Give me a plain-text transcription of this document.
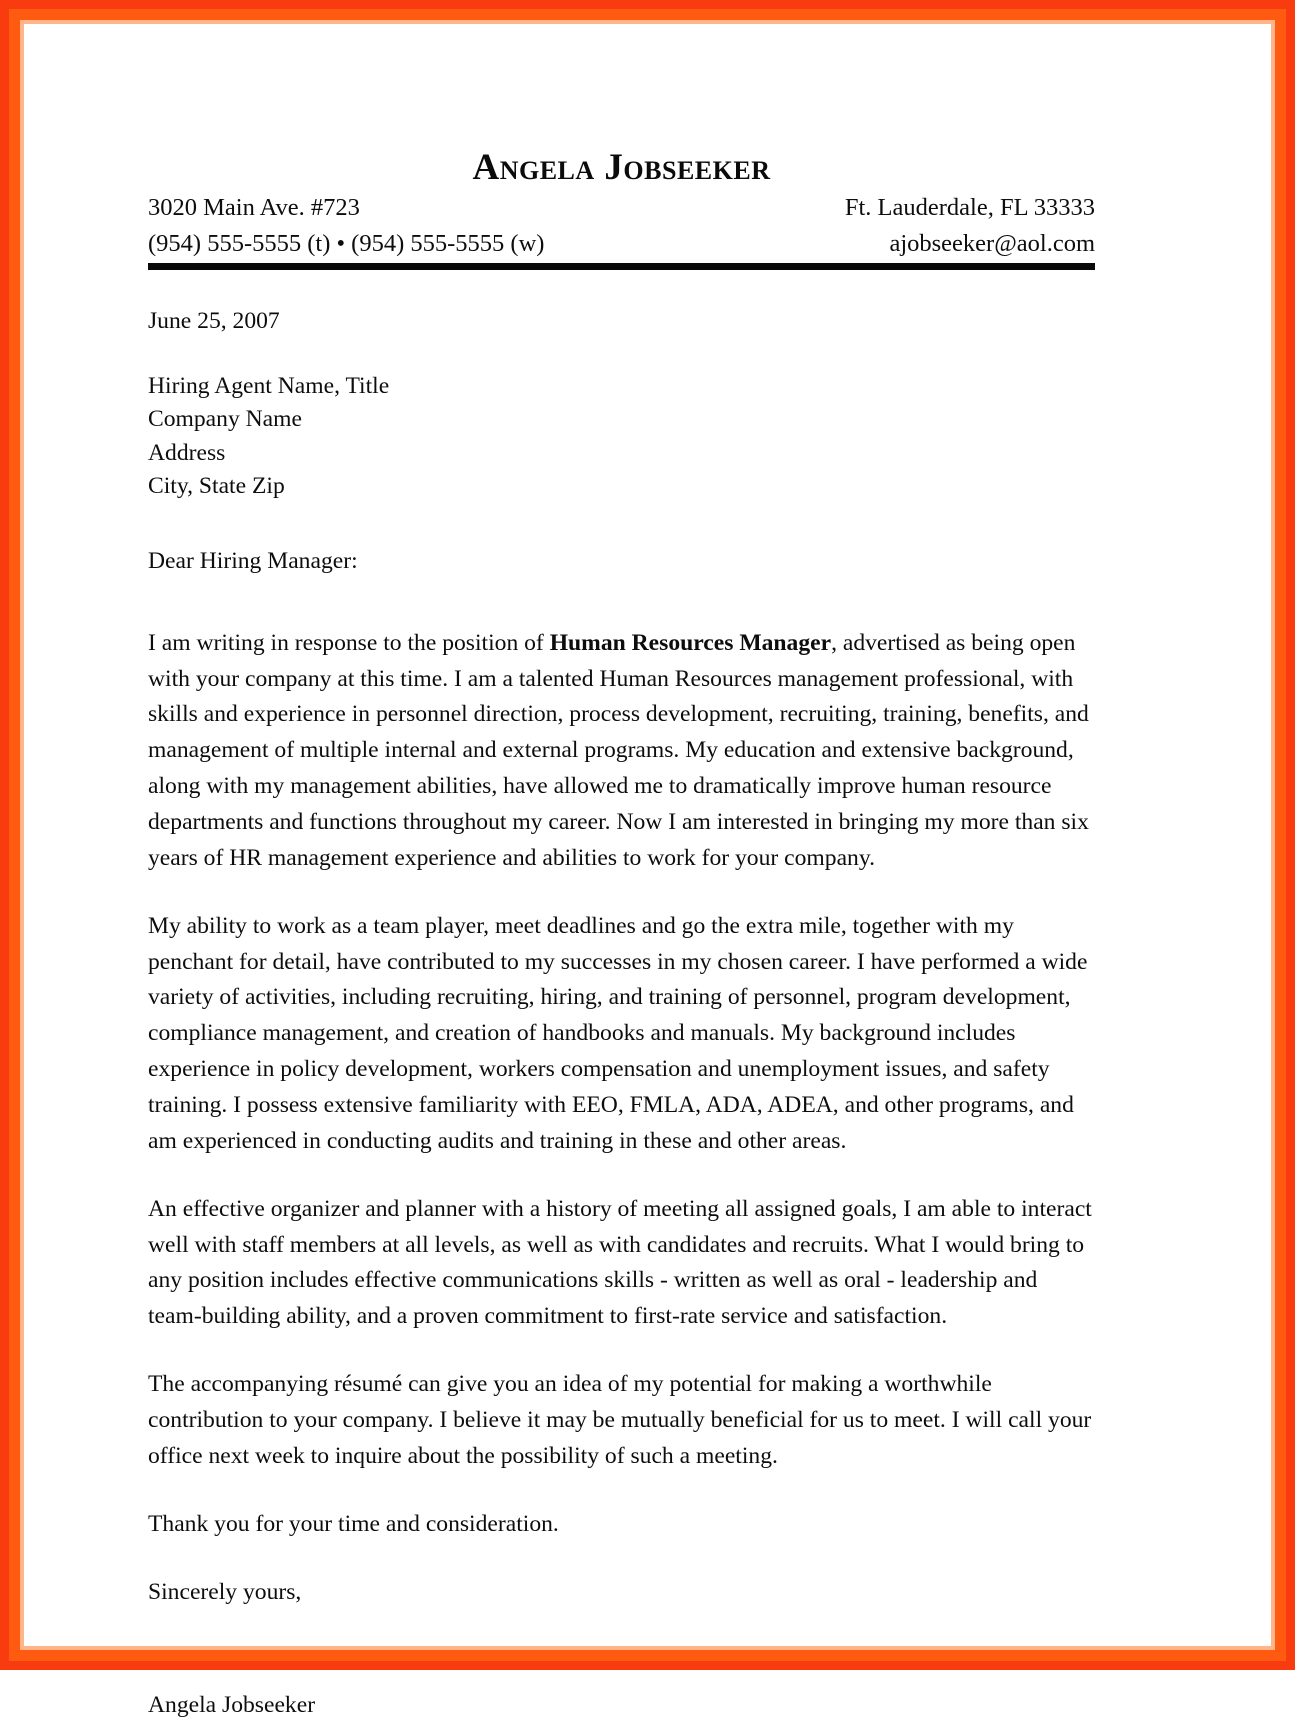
Angela Jobseeker
3020 Main Ave. #723	Ft. Lauderdale, FL 33333
(954) 555-5555 (t) • (954) 555-5555 (w)	ajobseeker@aol.com
June 25, 2007
Hiring Agent Name, Title
Company Name
Address
City, State Zip
Dear Hiring Manager:
I am writing in response to the position of Human Resources Manager, advertised as being open with your company at this time. I am a talented Human Resources management professional, with skills and experience in personnel direction, process development, recruiting, training, benefits, and management of multiple internal and external programs. My education and extensive background, along with my management abilities, have allowed me to dramatically improve human resource departments and functions throughout my career. Now I am interested in bringing my more than six years of HR management experience and abilities to work for your company.
My ability to work as a team player, meet deadlines and go the extra mile, together with my penchant for detail, have contributed to my successes in my chosen career. I have performed a wide variety of activities, including recruiting, hiring, and training of personnel, program development, compliance management, and creation of handbooks and manuals. My background includes experience in policy development, workers compensation and unemployment issues, and safety training. I possess extensive familiarity with EEO, FMLA, ADA, ADEA, and other programs, and am experienced in conducting audits and training in these and other areas.
An effective organizer and planner with a history of meeting all assigned goals, I am able to interact well with staff members at all levels, as well as with candidates and recruits. What I would bring to any position includes effective communications skills - written as well as oral - leadership and team-building ability, and a proven commitment to first-rate service and satisfaction.
The accompanying résumé can give you an idea of my potential for making a worthwhile contribution to your company. I believe it may be mutually beneficial for us to meet. I will call your office next week to inquire about the possibility of such a meeting.
Thank you for your time and consideration.
Sincerely yours,
Angela Jobseeker
